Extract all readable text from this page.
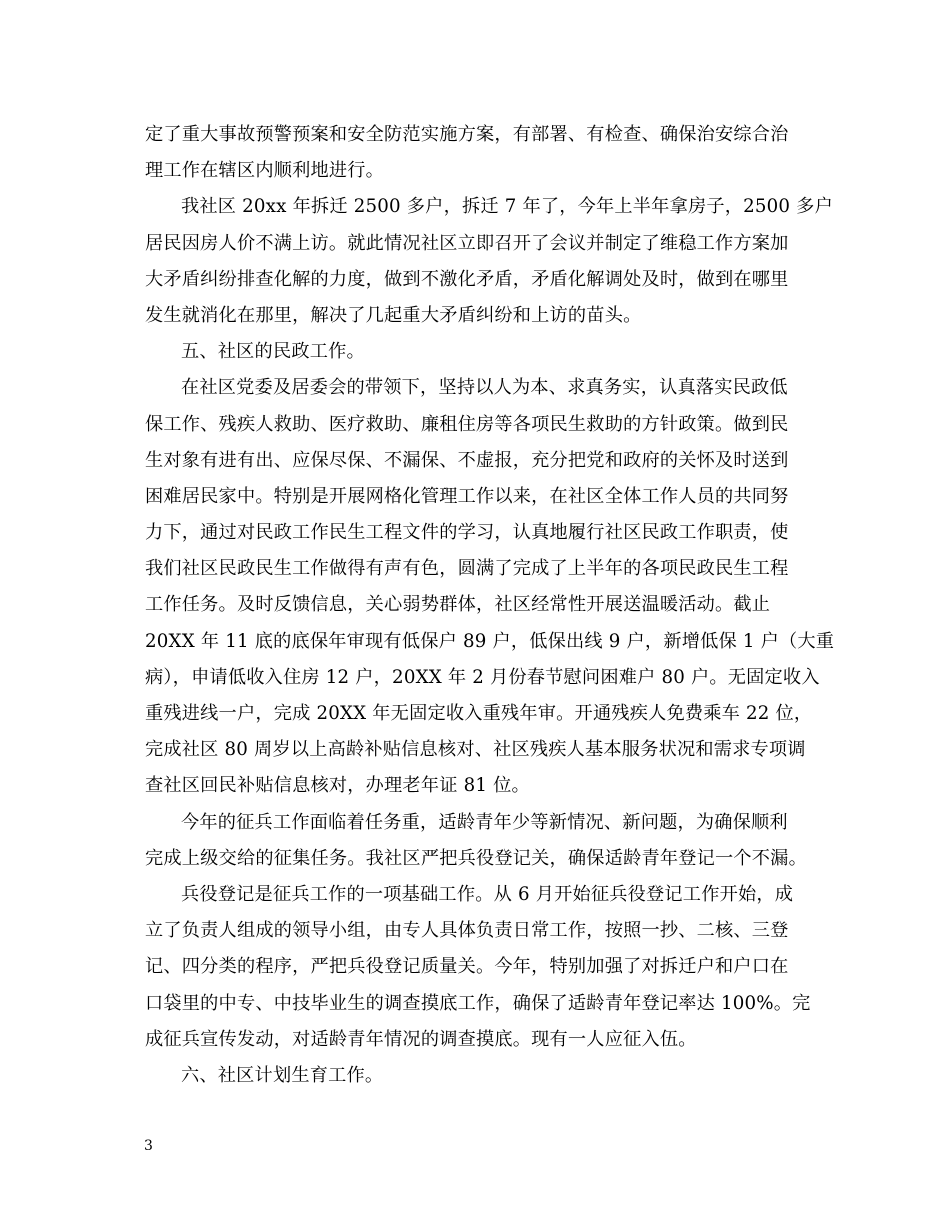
定了重大事故预警预案和安全防范实施方案，有部署、有检查、确保治安综合治
理工作在辖区内顺利地进行。
我社区 20xx 年拆迁 2500 多户，拆迁 7 年了，今年上半年拿房子，2500 多户
居民因房人价不满上访。就此情况社区立即召开了会议并制定了维稳工作方案加
大矛盾纠纷排查化解的力度，做到不激化矛盾，矛盾化解调处及时，做到在哪里
发生就消化在那里，解决了几起重大矛盾纠纷和上访的苗头。
五、社区的民政工作。
在社区党委及居委会的带领下，坚持以人为本、求真务实，认真落实民政低
保工作、残疾人救助、医疗救助、廉租住房等各项民生救助的方针政策。做到民
生对象有进有出、应保尽保、不漏保、不虚报，充分把党和政府的关怀及时送到
困难居民家中。特别是开展网格化管理工作以来，在社区全体工作人员的共同努
力下，通过对民政工作民生工程文件的学习，认真地履行社区民政工作职责，使
我们社区民政民生工作做得有声有色，圆满了完成了上半年的各项民政民生工程
工作任务。及时反馈信息，关心弱势群体，社区经常性开展送温暖活动。截止
20XX 年 11 底的底保年审现有低保户 89 户，低保出线 9 户，新增低保 1 户（大重
病），申请低收入住房 12 户，20XX 年 2 月份春节慰问困难户 80 户。无固定收入
重残进线一户，完成 20XX 年无固定收入重残年审。开通残疾人免费乘车 22 位，
完成社区 80 周岁以上高龄补贴信息核对、社区残疾人基本服务状况和需求专项调
查社区回民补贴信息核对，办理老年证 81 位。
今年的征兵工作面临着任务重，适龄青年少等新情况、新问题，为确保顺利
完成上级交给的征集任务。我社区严把兵役登记关，确保适龄青年登记一个不漏。
兵役登记是征兵工作的一项基础工作。从 6 月开始征兵役登记工作开始，成
立了负责人组成的领导小组，由专人具体负责日常工作，按照一抄、二核、三登
记、四分类的程序，严把兵役登记质量关。今年，特别加强了对拆迁户和户口在
口袋里的中专、中技毕业生的调查摸底工作，确保了适龄青年登记率达 100%。完
成征兵宣传发动，对适龄青年情况的调查摸底。现有一人应征入伍。
六、社区计划生育工作。
3
